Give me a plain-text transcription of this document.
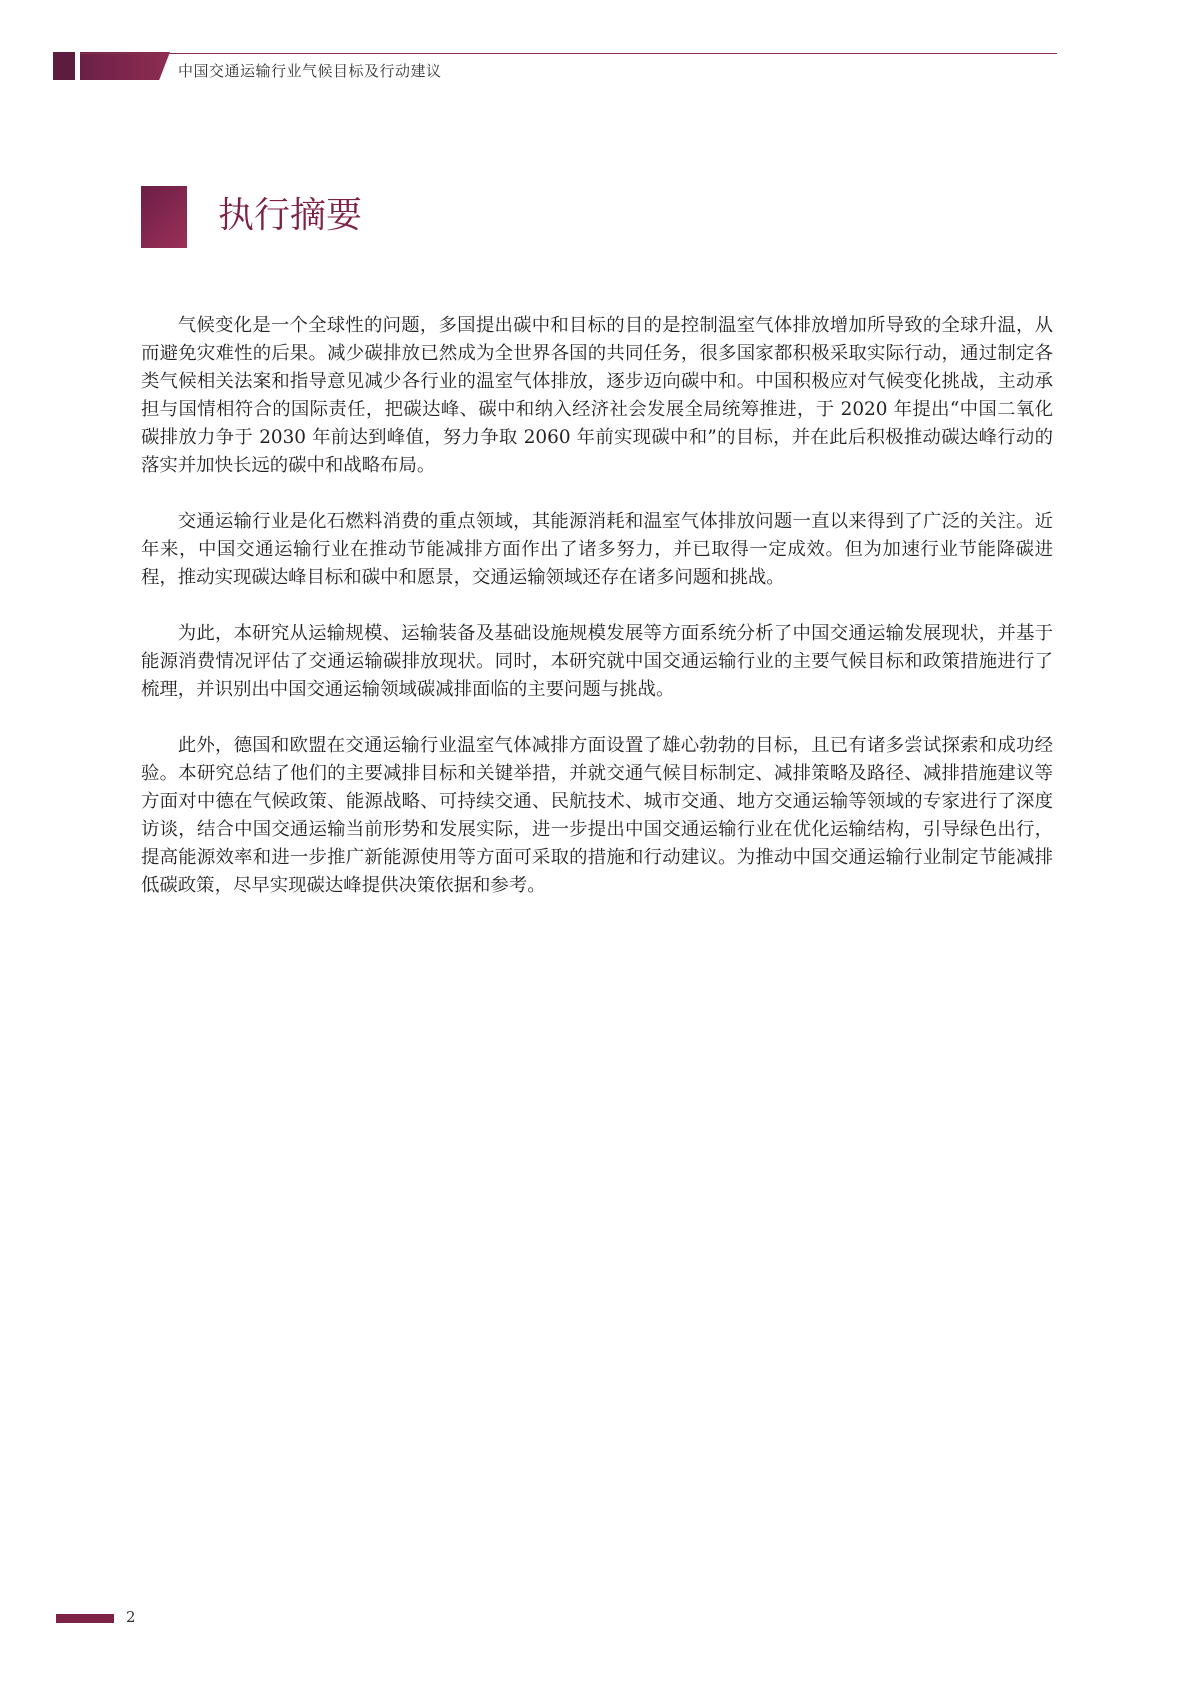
中国交通运输行业气候目标及行动建议
执行摘要

气候变化是一个全球性的问题，多国提出碳中和目标的目的是控制温室气体排放增加所导致的全球升温，从而避免灾难性的后果。减少碳排放已然成为全世界各国的共同任务，很多国家都积极采取实际行动，通过制定各类气候相关法案和指导意见减少各行业的温室气体排放，逐步迈向碳中和。中国积极应对气候变化挑战，主动承担与国情相符合的国际责任，把碳达峰、碳中和纳入经济社会发展全局统筹推进，于 2020 年提出“中国二氧化碳排放力争于 2030 年前达到峰值，努力争取 2060 年前实现碳中和”的目标，并在此后积极推动碳达峰行动的落实并加快长远的碳中和战略布局。

交通运输行业是化石燃料消费的重点领域，其能源消耗和温室气体排放问题一直以来得到了广泛的关注。近年来，中国交通运输行业在推动节能减排方面作出了诸多努力，并已取得一定成效。但为加速行业节能降碳进程，推动实现碳达峰目标和碳中和愿景，交通运输领域还存在诸多问题和挑战。

为此，本研究从运输规模、运输装备及基础设施规模发展等方面系统分析了中国交通运输发展现状，并基于能源消费情况评估了交通运输碳排放现状。同时，本研究就中国交通运输行业的主要气候目标和政策措施进行了梳理，并识别出中国交通运输领域碳减排面临的主要问题与挑战。

此外，德国和欧盟在交通运输行业温室气体减排方面设置了雄心勃勃的目标，且已有诸多尝试探索和成功经验。本研究总结了他们的主要减排目标和关键举措，并就交通气候目标制定、减排策略及路径、减排措施建议等方面对中德在气候政策、能源战略、可持续交通、民航技术、城市交通、地方交通运输等领域的专家进行了深度访谈，结合中国交通运输当前形势和发展实际，进一步提出中国交通运输行业在优化运输结构，引导绿色出行，提高能源效率和进一步推广新能源使用等方面可采取的措施和行动建议。为推动中国交通运输行业制定节能减排低碳政策，尽早实现碳达峰提供决策依据和参考。

2
